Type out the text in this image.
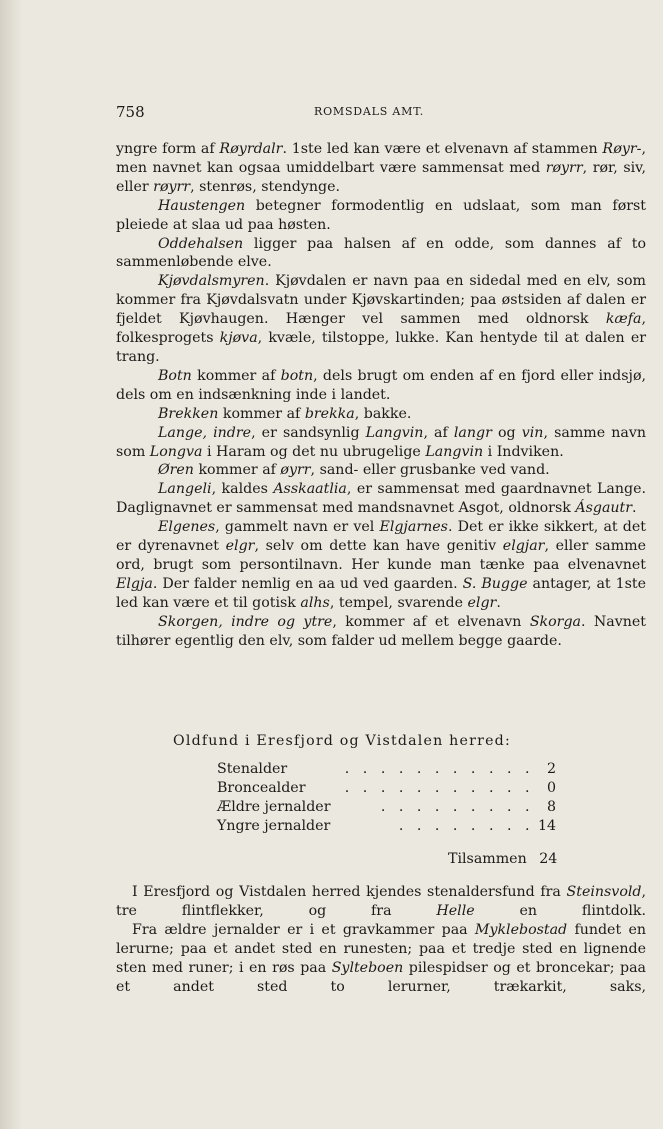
758	ROMSDALS AMT.

yngre form af Røyrdalr. 1ste led kan være et elvenavn af stammen Røyr-, men navnet kan ogsaa umiddelbart være sammensat med røyrr, rør, siv, eller røyrr, stenrøs, stendynge.

Haustengen betegner formodentlig en udslaat, som man først pleiede at slaa ud paa høsten.

Oddehalsen ligger paa halsen af en odde, som dannes af to sammenløbende elve.

Kjøvdalsmyren. Kjøvdalen er navn paa en sidedal med en elv, som kommer fra Kjøvdalsvatn under Kjøvskartinden; paa østsiden af dalen er fjeldet Kjøvhaugen. Hænger vel sammen med oldnorsk kæfa, folkesprogets kjøva, kvæle, tilstoppe, lukke. Kan hentyde til at dalen er trang.

Botn kommer af botn, dels brugt om enden af en fjord eller indsjø, dels om en indsænkning inde i landet.

Brekken kommer af brekka, bakke.

Lange, indre, er sandsynlig Langvin, af langr og vin, samme navn som Longva i Haram og det nu ubrugelige Langvin i Indviken.

Øren kommer af øyrr, sand- eller grusbanke ved vand.

Langeli, kaldes Asskaatlia, er sammensat med gaardnavnet Lange. Daglignavnet er sammensat med mandsnavnet Asgot, oldnorsk Ásgautr.

Elgenes, gammelt navn er vel Elgjarnes. Det er ikke sikkert, at det er dyrenavnet elgr, selv om dette kan have genitiv elgjar, eller samme ord, brugt som persontilnavn. Her kunde man tænke paa elvenavnet Elgja. Der falder nemlig en aa ud ved gaarden. S. Bugge antager, at 1ste led kan være et til gotisk alhs, tempel, svarende elgr.

Skorgen, indre og ytre, kommer af et elvenavn Skorga. Navnet tilhører egentlig den elv, som falder ud mellem begge gaarde.

Oldfund i Eresfjord og Vistdalen herred:
. . . . . . . . . . .
Stenalder	2
. . . . . . . . . . .
Broncealder	0
. . . . . . . . .
Ældre jernalder	8
. . . . . . . .
Yngre jernalder	14
Tilsammen 24

I Eresfjord og Vistdalen herred kjendes stenaldersfund fra Steinsvold, tre flintflekker, og fra Helle en flintdolk.

Fra ældre jernalder er i et gravkammer paa Myklebostad fundet en lerurne; paa et andet sted en runesten; paa et tredje sted en lignende sten med runer; i en røs paa Sylteboen pilespidser og et broncekar; paa et andet sted to lerurner, trækarkit, saks,
